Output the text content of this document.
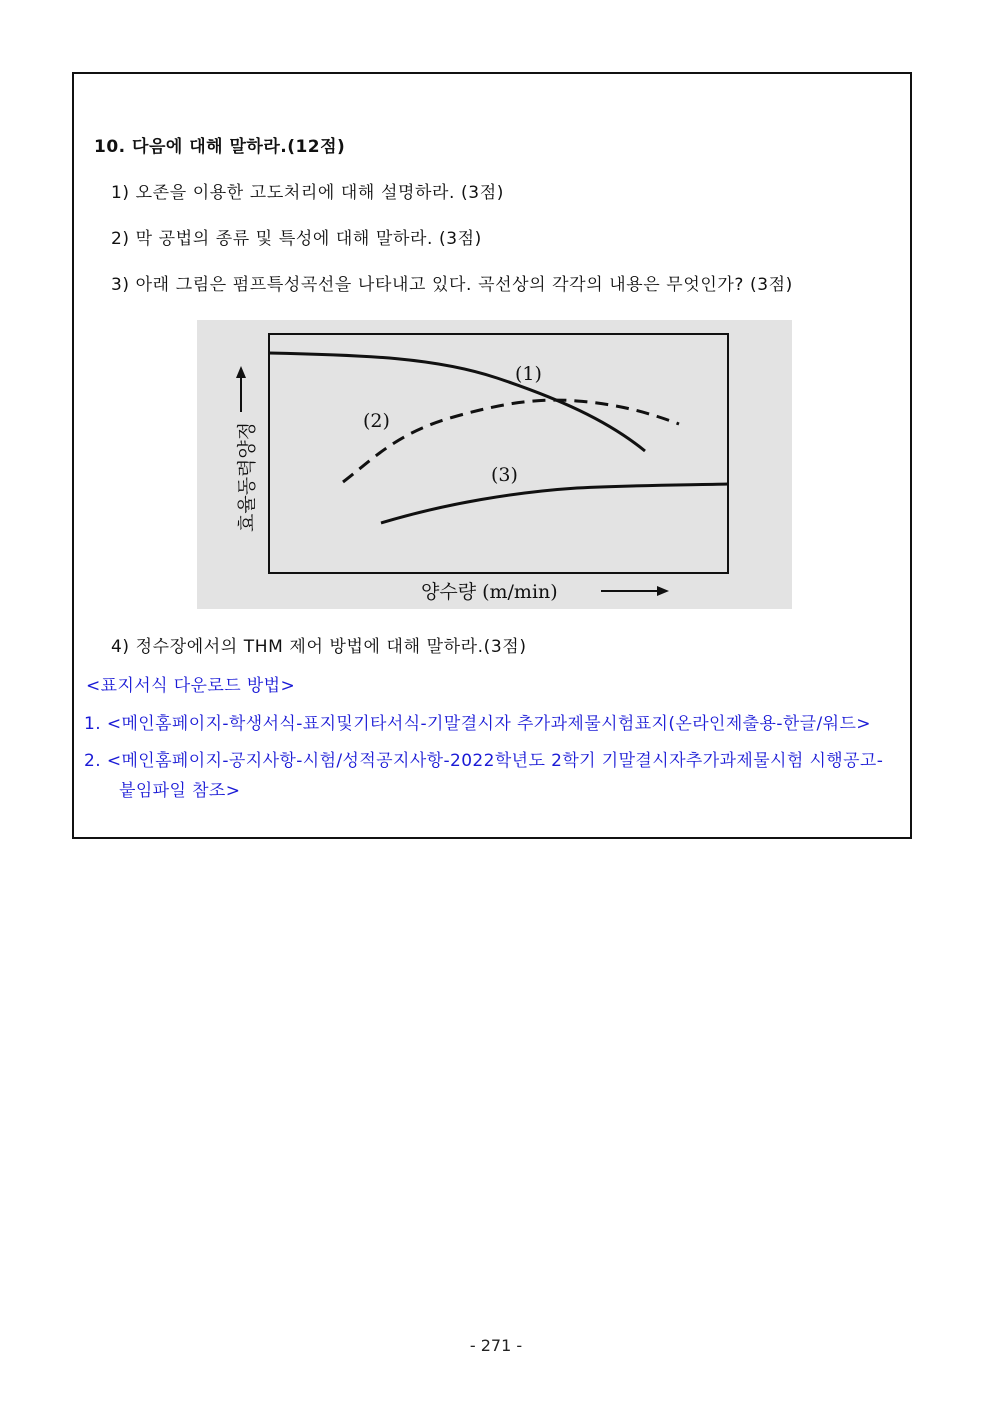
10. 다음에 대해 말하라.(12점)
1) 오존을 이용한 고도처리에 대해 설명하라. (3점)
2) 막 공법의 종류 및 특성에 대해 말하라. (3점)
3) 아래 그림은 펌프특성곡선을 나타내고 있다. 곡선상의 각각의 내용은 무엇인가? (3점)
(1)
(2)
(3)
효율동력양정
양수량 (m/min)
4) 정수장에서의 THM 제어 방법에 대해 말하라.(3점)
<표지서식 다운로드 방법>
1. <메인홈페이지-학생서식-표지및기타서식-기말결시자 추가과제물시험표지(온라인제출용-한글/워드>
2. <메인홈페이지-공지사항-시험/성적공지사항-2022학년도 2학기 기말결시자추가과제물시험 시행공고-
붙임파일 참조>
- 271 -
